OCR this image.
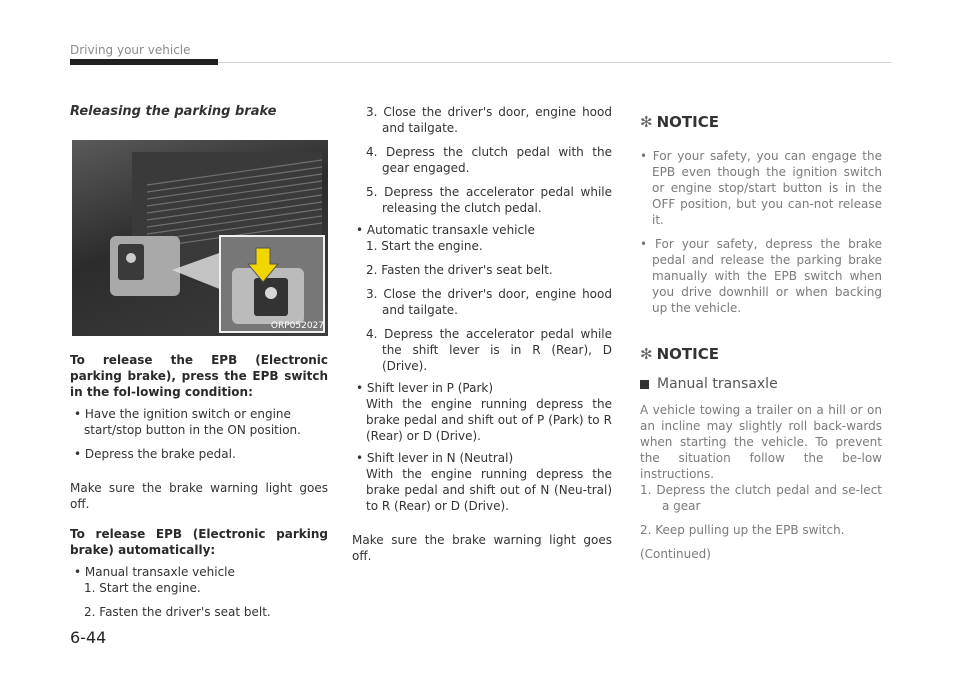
Driving your vehicle
Releasing the parking brake
ORP052027

To release the EPB (Electronic parking brake), press the EPB switch in the fol-lowing condition:

• Have the ignition switch or engine start/stop button in the ON position.

• Depress the brake pedal.

Make sure the brake warning light goes off.

To release EPB (Electronic parking brake) automatically:

• Manual transaxle vehicle

1. Start the engine.

2. Fasten the driver's seat belt.

3. Close the driver's door, engine hood and tailgate.

4. Depress the clutch pedal with the gear engaged.

5. Depress the accelerator pedal while releasing the clutch pedal.

• Automatic transaxle vehicle

1. Start the engine.

2. Fasten the driver's seat belt.

3. Close the driver's door, engine hood and tailgate.

4. Depress the accelerator pedal while the shift lever is in R (Rear), D (Drive).

• Shift lever in P (Park)

With the engine running depress the brake pedal and shift out of P (Park) to R (Rear) or D (Drive).

• Shift lever in N (Neutral)

With the engine running depress the brake pedal and shift out of N (Neu-tral) to R (Rear) or D (Drive).

Make sure the brake warning light goes off.

✻ NOTICE

• For your safety, you can engage the EPB even though the ignition switch or engine stop/start button is in the OFF position, but you can-not release it.

• For your safety, depress the brake pedal and release the parking brake manually with the EPB switch when you drive downhill or when backing up the vehicle.

✻ NOTICE
Manual transaxle

A vehicle towing a trailer on a hill or on an incline may slightly roll back-wards when starting the vehicle. To prevent the situation follow the be-low instructions.

1. Depress the clutch pedal and se-lect a gear

2. Keep pulling up the EPB switch.

(Continued)

6-44
